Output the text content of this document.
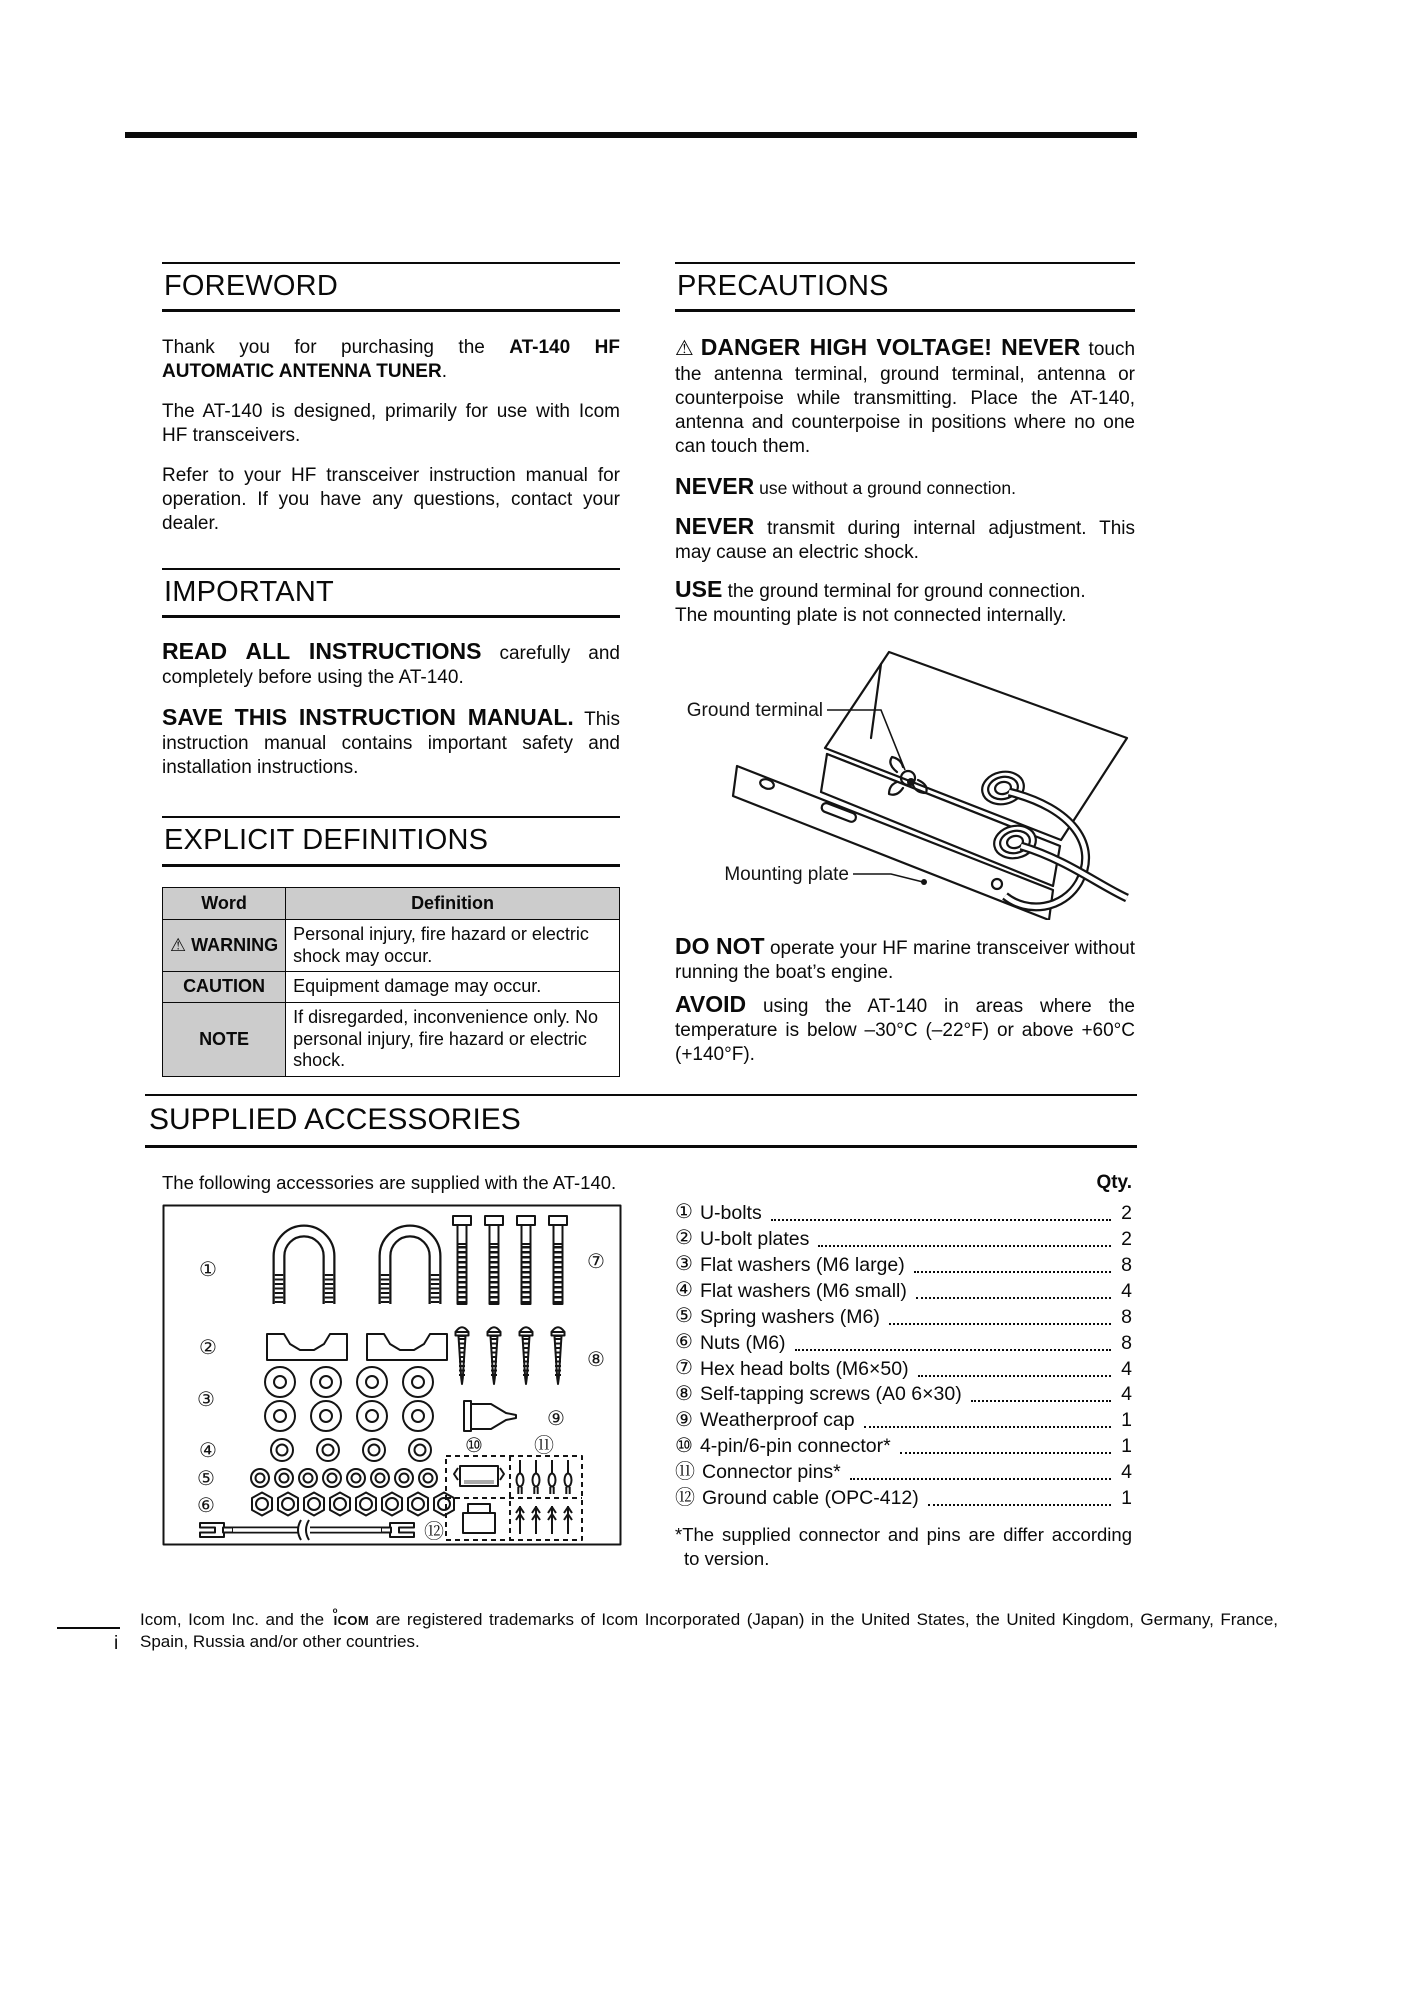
FOREWORD

Thank you for purchasing the AT-140 HF AUTOMATIC ANTENNA TUNER.

The AT-140 is designed, primarily for use with Icom HF transceivers.

Refer to your HF transceiver instruction manual for operation. If you have any questions, contact your dealer.

IMPORTANT

READ ALL INSTRUCTIONS carefully and completely before using the AT-140.

SAVE THIS INSTRUCTION MANUAL. This instruction manual contains important safety and installation instructions.

EXPLICIT DEFINITIONS
Word	Definition
⚠ WARNING	Personal injury, fire hazard or electric shock may occur.
CAUTION	Equipment damage may occur.
NOTE	If disregarded, inconvenience only. No personal injury, fire hazard or electric shock.
PRECAUTIONS

⚠ DANGER HIGH VOLTAGE! NEVER touch the antenna terminal, ground terminal, antenna or counterpoise while transmitting. Place the AT-140, antenna and counterpoise in positions where no one can touch them.

NEVER use without a ground connection.

NEVER transmit during internal adjustment. This may cause an electric shock.

USE the ground terminal for ground connection.
The mounting plate is not connected internally.

Ground terminal
Mounting plate

DO NOT operate your HF marine transceiver without running the boat’s engine.

AVOID using the AT-140 in areas where the temperature is below –30°C (–22°F) or above +60°C (+140°F).

SUPPLIED ACCESSORIES

The following accessories are supplied with the AT-140.

①
②
③
④
⑤
⑥
⑦
⑧
⑨
⑩	⑪
⑫

Qty.

① U-bolts	2
② U-bolt plates	2
③ Flat washers (M6 large)	8
④ Flat washers (M6 small)	4
⑤ Spring washers (M6)	8
⑥ Nuts (M6)	8
⑦ Hex head bolts (M6×50)	4
⑧ Self-tapping screws (A0 6×30)	4
⑨ Weatherproof cap	1
⑩ 4-pin/6-pin connector*	1
⑪ Connector pins*	4
⑫ Ground cable (OPC-412)	1

*The supplied connector and pins are differ according to version.

Icom, Icom Inc. and the o ICOM are registered trademarks of Icom Incorporated (Japan) in the United States, the United Kingdom, Germany, France, Spain, Russia and/or other countries.

i
